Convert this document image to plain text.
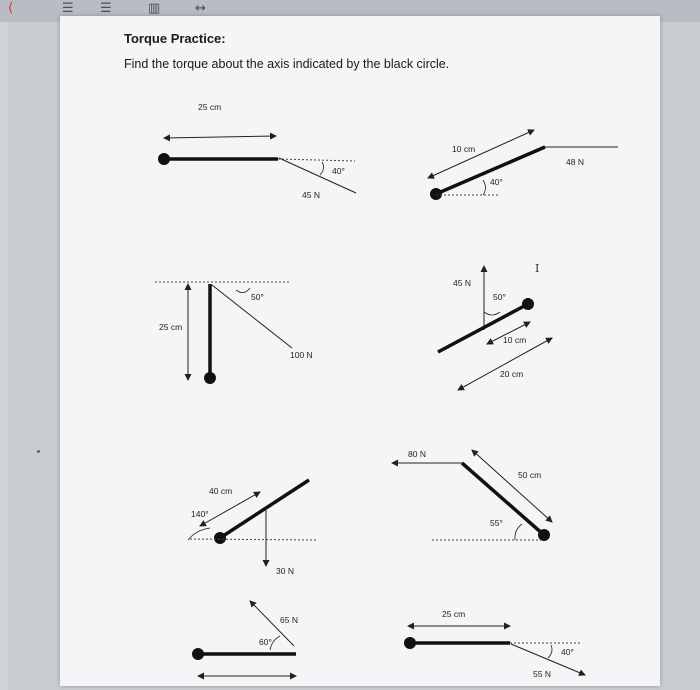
⟨	☰ ☰	▥	↔
Torque Practice:
Find the torque about the axis indicated by the black circle.
25 cm
40°
45 N
10 cm
40°
48 N
25 cm
50°
100 N
45 N
50°
10 cm
20 cm
I
40 cm
140°
30 N
80 N
50 cm
55°
65 N
60°
25 cm
40°
55 N
